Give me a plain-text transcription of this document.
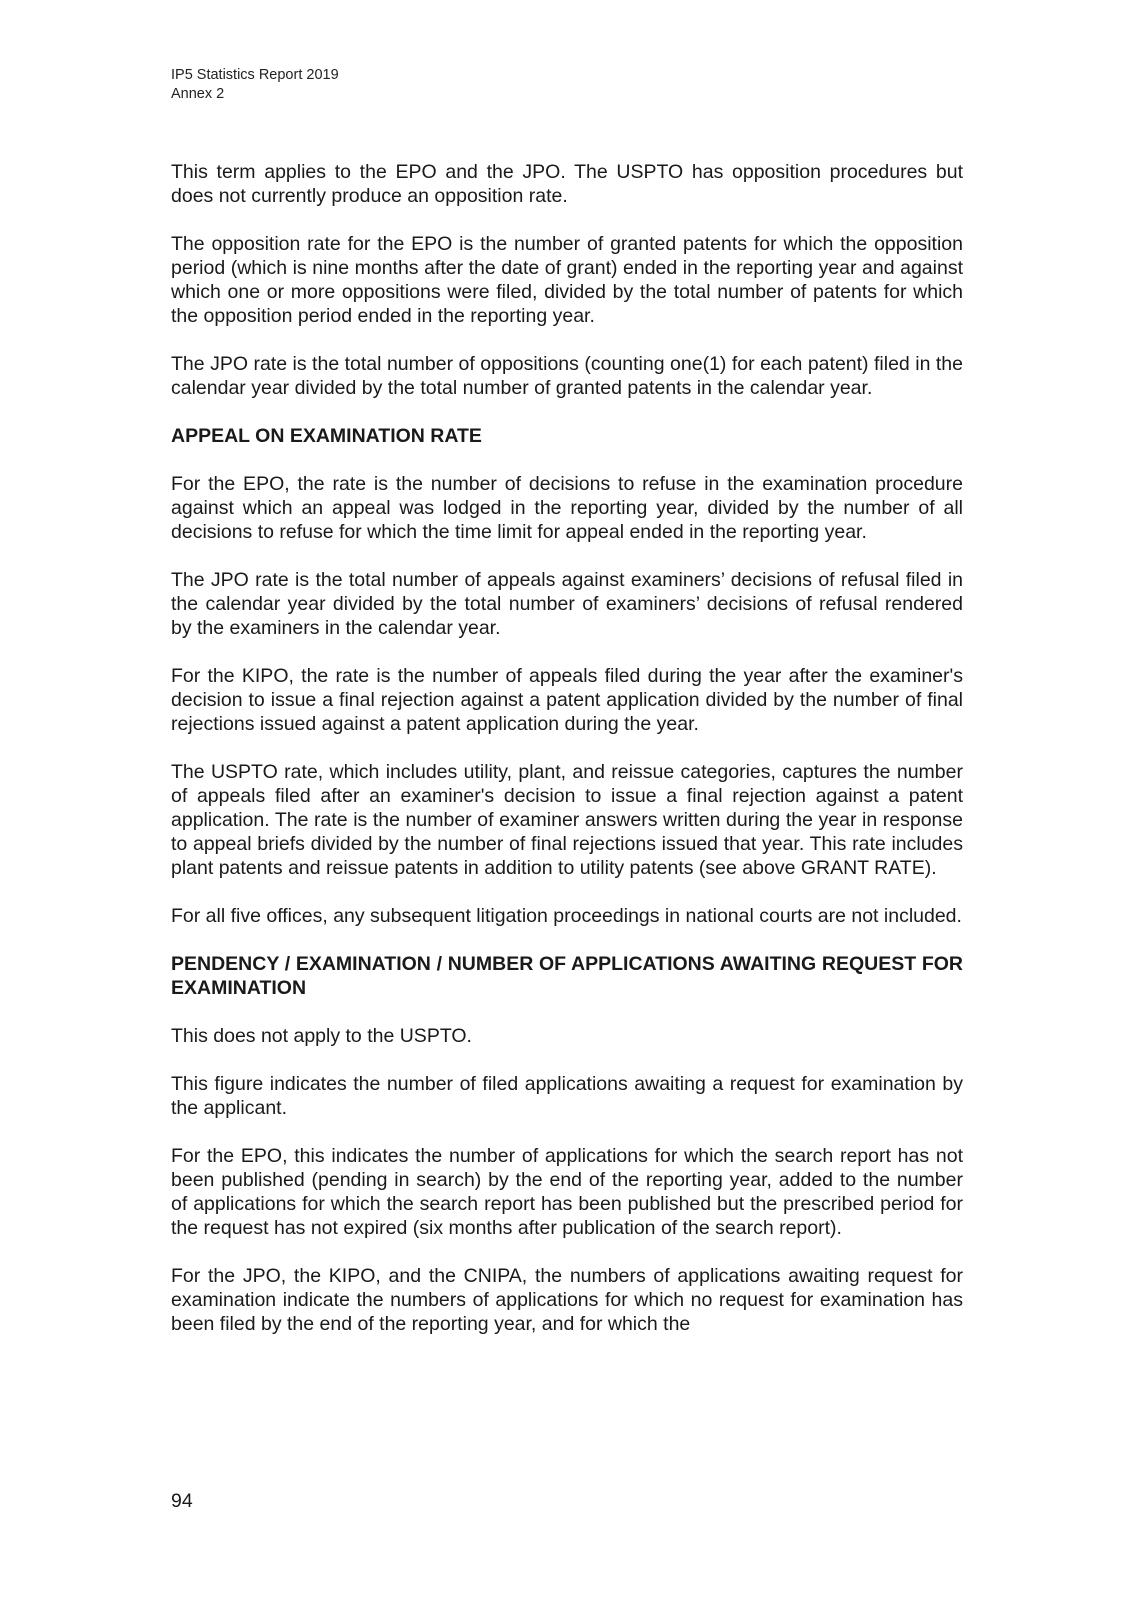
IP5 Statistics Report 2019
Annex 2

This term applies to the EPO and the JPO. The USPTO has opposition procedures but does not currently produce an opposition rate.

The opposition rate for the EPO is the number of granted patents for which the opposition period (which is nine months after the date of grant) ended in the reporting year and against which one or more oppositions were filed, divided by the total number of patents for which the opposition period ended in the reporting year.

The JPO rate is the total number of oppositions (counting one(1) for each patent) filed in the calendar year divided by the total number of granted patents in the calendar year.

APPEAL ON EXAMINATION RATE

For the EPO, the rate is the number of decisions to refuse in the examination procedure against which an appeal was lodged in the reporting year, divided by the number of all decisions to refuse for which the time limit for appeal ended in the reporting year.

The JPO rate is the total number of appeals against examiners’ decisions of refusal filed in the calendar year divided by the total number of examiners’ decisions of refusal rendered by the examiners in the calendar year.

For the KIPO, the rate is the number of appeals filed during the year after the examiner's decision to issue a final rejection against a patent application divided by the number of final rejections issued against a patent application during the year.

The USPTO rate, which includes utility, plant, and reissue categories, captures the number of appeals filed after an examiner's decision to issue a final rejection against a patent application. The rate is the number of examiner answers written during the year in response to appeal briefs divided by the number of final rejections issued that year. This rate includes plant patents and reissue patents in addition to utility patents (see above GRANT RATE).

For all five offices, any subsequent litigation proceedings in national courts are not included.

PENDENCY / EXAMINATION / NUMBER OF APPLICATIONS AWAITING REQUEST FOR EXAMINATION

This does not apply to the USPTO.

This figure indicates the number of filed applications awaiting a request for examination by the applicant.

For the EPO, this indicates the number of applications for which the search report has not been published (pending in search) by the end of the reporting year, added to the number of applications for which the search report has been published but the prescribed period for the request has not expired (six months after publication of the search report).

For the JPO, the KIPO, and the CNIPA, the numbers of applications awaiting request for examination indicate the numbers of applications for which no request for examination has been filed by the end of the reporting year, and for which the

94
